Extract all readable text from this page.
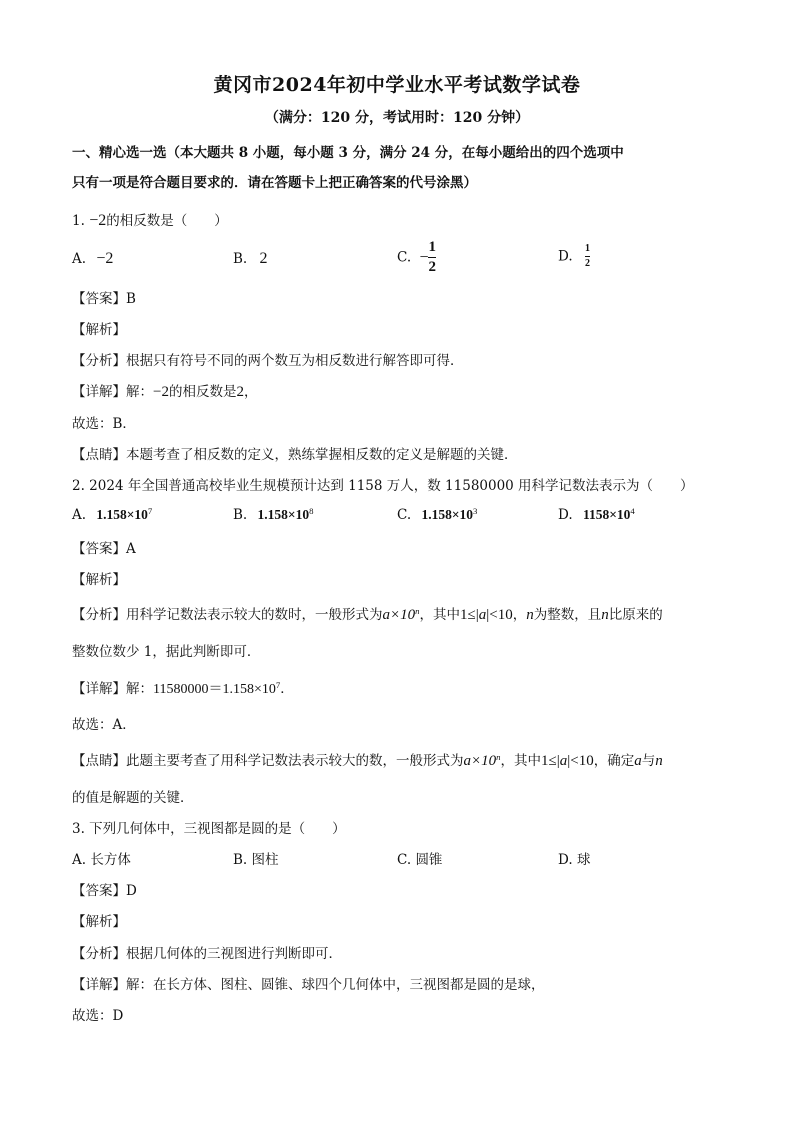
黄冈市2024年初中学业水平考试数学试卷
（满分：120 分，考试用时：120 分钟）
一、精心选一选（本大题共 8 小题，每小题 3 分，满分 24 分，在每小题给出的四个选项中
只有一项是符合题目要求的．请在答题卡上把正确答案的代号涂黑）
1. −2的相反数是（　　）
A. −2	B. 2	C. − $\frac{1}{2}$	D. $\frac{1}{2}$
【答案】B
【解析】
【分析】根据只有符号不同的两个数互为相反数进行解答即可得．
【详解】解：−2的相反数是2，
故选：B．
【点睛】本题考查了相反数的定义，熟练掌握相反数的定义是解题的关键．
2. 2024 年全国普通高校毕业生规模预计达到 1158 万人，数 11580000 用科学记数法表示为（　　）
A. $1.158\times 10^7$	B. $1.158\times 10^8$	C. $1.158\times 10^3$	D. $1158\times 10^4$
【答案】A
【解析】
【分析】用科学记数法表示较大的数时，一般形式为$a\times 10^n$，其中1≤|a|<10，n为整数，且n比原来的
整数位数少 1，据此判断即可．
【详解】解：$11580000=1.158\times 10^7$．
故选：A．
【点睛】此题主要考查了用科学记数法表示较大的数，一般形式为$a\times 10^n$，其中1≤|a|<10，确定a与n
的值是解题的关键．
3. 下列几何体中，三视图都是圆的是（　　）
A. 长方体	B. 图柱	C. 圆锥	D. 球
【答案】D
【解析】
【分析】根据几何体的三视图进行判断即可．
【详解】解：在长方体、图柱、圆锥、球四个几何体中，三视图都是圆的是球，
故选：D
